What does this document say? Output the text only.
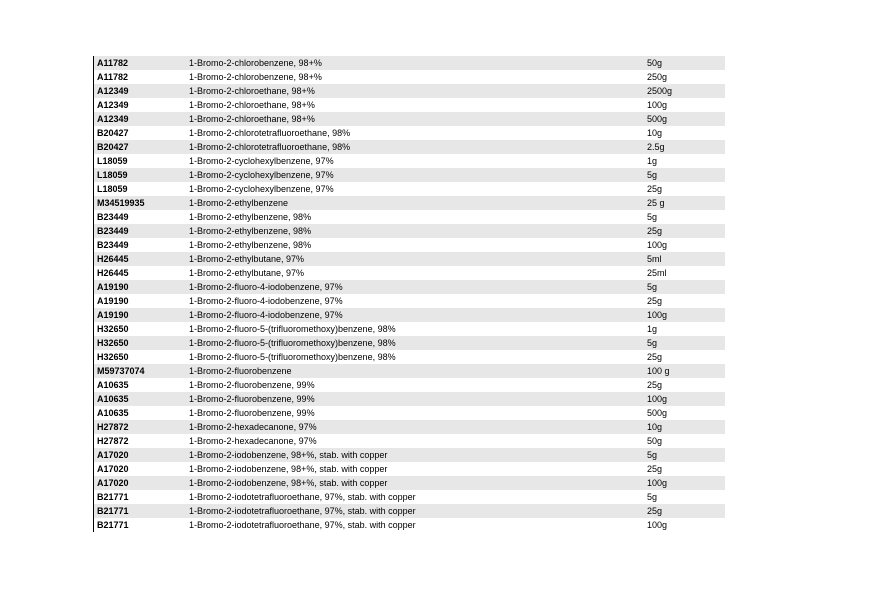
A11782	1-Bromo-2-chlorobenzene, 98+%	50g
A11782	1-Bromo-2-chlorobenzene, 98+%	250g
A12349	1-Bromo-2-chloroethane, 98+%	2500g
A12349	1-Bromo-2-chloroethane, 98+%	100g
A12349	1-Bromo-2-chloroethane, 98+%	500g
B20427	1-Bromo-2-chlorotetrafluoroethane, 98%	10g
B20427	1-Bromo-2-chlorotetrafluoroethane, 98%	2.5g
L18059	1-Bromo-2-cyclohexylbenzene, 97%	1g
L18059	1-Bromo-2-cyclohexylbenzene, 97%	5g
L18059	1-Bromo-2-cyclohexylbenzene, 97%	25g
M34519935	1-Bromo-2-ethylbenzene	25 g
B23449	1-Bromo-2-ethylbenzene, 98%	5g
B23449	1-Bromo-2-ethylbenzene, 98%	25g
B23449	1-Bromo-2-ethylbenzene, 98%	100g
H26445	1-Bromo-2-ethylbutane, 97%	5ml
H26445	1-Bromo-2-ethylbutane, 97%	25ml
A19190	1-Bromo-2-fluoro-4-iodobenzene, 97%	5g
A19190	1-Bromo-2-fluoro-4-iodobenzene, 97%	25g
A19190	1-Bromo-2-fluoro-4-iodobenzene, 97%	100g
H32650	1-Bromo-2-fluoro-5-(trifluoromethoxy)benzene, 98%	1g
H32650	1-Bromo-2-fluoro-5-(trifluoromethoxy)benzene, 98%	5g
H32650	1-Bromo-2-fluoro-5-(trifluoromethoxy)benzene, 98%	25g
M59737074	1-Bromo-2-fluorobenzene	100 g
A10635	1-Bromo-2-fluorobenzene, 99%	25g
A10635	1-Bromo-2-fluorobenzene, 99%	100g
A10635	1-Bromo-2-fluorobenzene, 99%	500g
H27872	1-Bromo-2-hexadecanone, 97%	10g
H27872	1-Bromo-2-hexadecanone, 97%	50g
A17020	1-Bromo-2-iodobenzene, 98+%, stab. with copper	5g
A17020	1-Bromo-2-iodobenzene, 98+%, stab. with copper	25g
A17020	1-Bromo-2-iodobenzene, 98+%, stab. with copper	100g
B21771	1-Bromo-2-iodotetrafluoroethane, 97%, stab. with copper	5g
B21771	1-Bromo-2-iodotetrafluoroethane, 97%, stab. with copper	25g
B21771	1-Bromo-2-iodotetrafluoroethane, 97%, stab. with copper	100g
